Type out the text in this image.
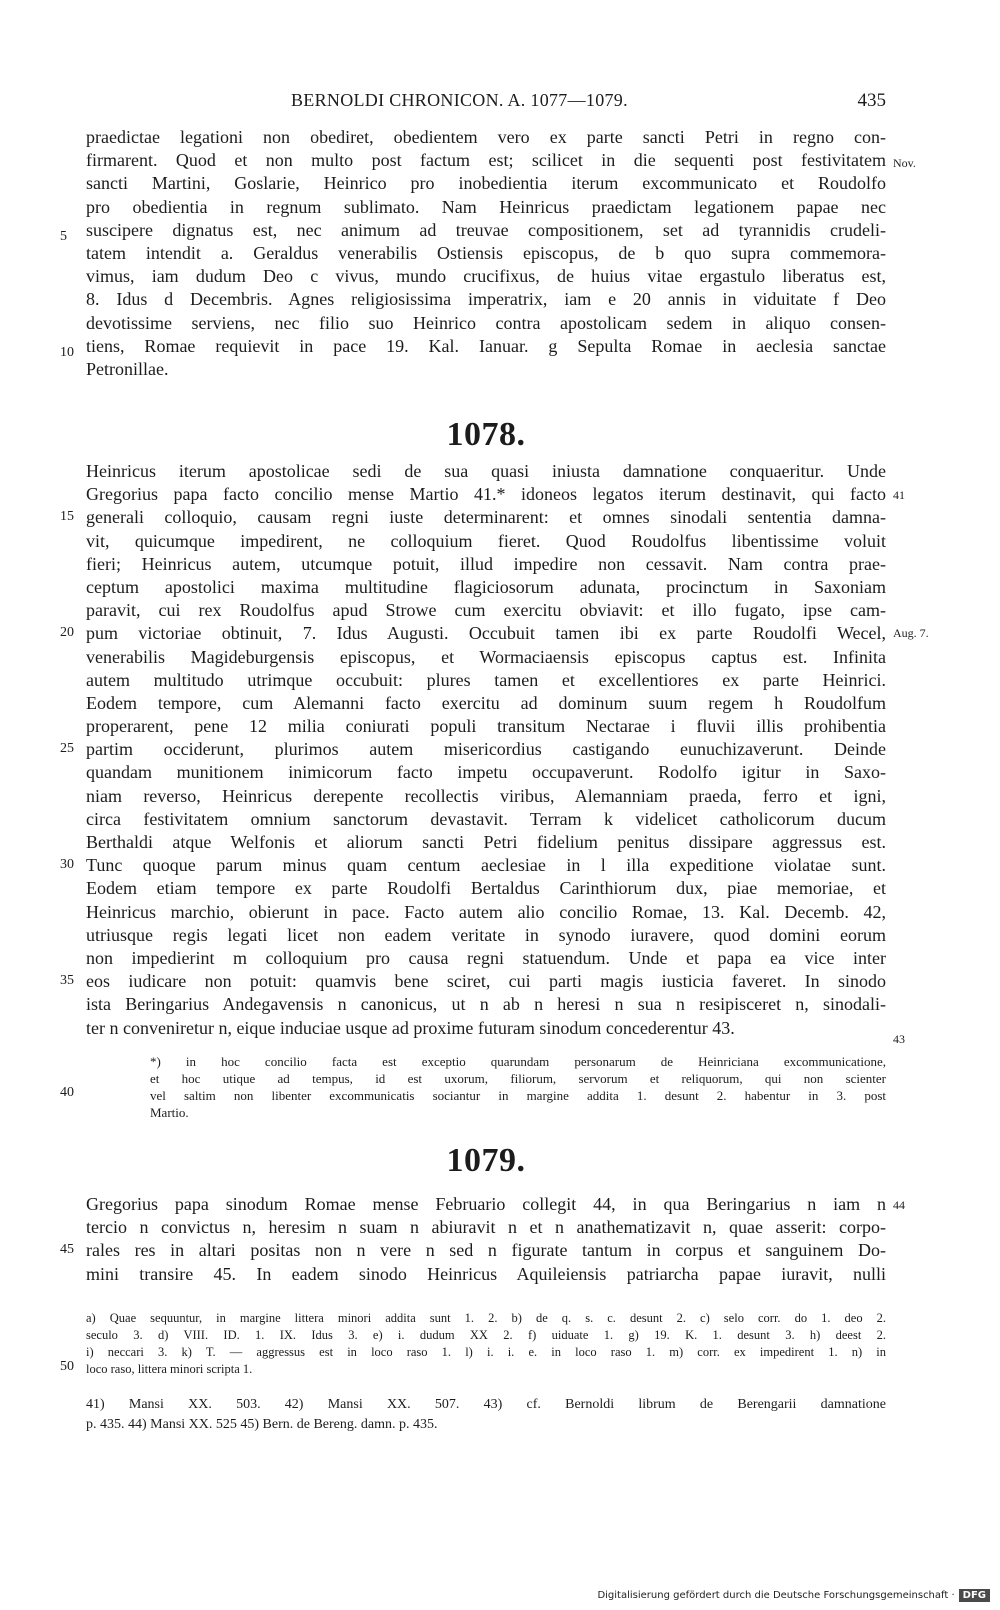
BERNOLDI CHRONICON. A. 1077—1079.	435
praedictae legationi non obediret, obedientem vero ex parte sancti Petri in regno con-
firmarent. Quod et non multo post factum est; scilicet in die sequenti post festivitatem
sancti Martini, Goslarie, Heinrico pro inobedientia iterum excommunicato et Roudolfo
pro obedientia in regnum sublimato. Nam Heinricus praedictam legationem papae nec
suscipere dignatus est, nec animum ad treuvae compositionem, set ad tyrannidis crudeli-
tatem intendit a. Geraldus venerabilis Ostiensis episcopus, de b quo supra commemora-
vimus, iam dudum Deo c vivus, mundo crucifixus, de huius vitae ergastulo liberatus est,
8. Idus d Decembris. Agnes religiosissima imperatrix, iam e 20 annis in viduitate f Deo
devotissime serviens, nec filio suo Heinrico contra apostolicam sedem in aliquo consen-
tiens, Romae requievit in pace 19. Kal. Ianuar. g Sepulta Romae in aeclesia sanctae
Petronillae.
1078.
Heinricus iterum apostolicae sedi de sua quasi iniusta damnatione conquaeritur. Unde
Gregorius papa facto concilio mense Martio 41.* idoneos legatos iterum destinavit, qui facto
generali colloquio, causam regni iuste determinarent: et omnes sinodali sententia damna-
vit, quicumque impedirent, ne colloquium fieret. Quod Roudolfus libentissime voluit
fieri; Heinricus autem, utcumque potuit, illud impedire non cessavit. Nam contra prae-
ceptum apostolici maxima multitudine flagiciosorum adunata, procinctum in Saxoniam
paravit, cui rex Roudolfus apud Strowe cum exercitu obviavit: et illo fugato, ipse cam-
pum victoriae obtinuit, 7. Idus Augusti. Occubuit tamen ibi ex parte Roudolfi Wecel,
venerabilis Magideburgensis episcopus, et Wormaciaensis episcopus captus est. Infinita
autem multitudo utrimque occubuit: plures tamen et excellentiores ex parte Heinrici.
Eodem tempore, cum Alemanni facto exercitu ad dominum suum regem h Roudolfum
properarent, pene 12 milia coniurati populi transitum Nectarae i fluvii illis prohibentia
partim occiderunt, plurimos autem misericordius castigando eunuchizaverunt. Deinde
quandam munitionem inimicorum facto impetu occupaverunt. Rodolfo igitur in Saxo-
niam reverso, Heinricus derepente recollectis viribus, Alemanniam praeda, ferro et igni,
circa festivitatem omnium sanctorum devastavit. Terram k videlicet catholicorum ducum
Berthaldi atque Welfonis et aliorum sancti Petri fidelium penitus dissipare aggressus est.
Tunc quoque parum minus quam centum aeclesiae in l illa expeditione violatae sunt.
Eodem etiam tempore ex parte Roudolfi Bertaldus Carinthiorum dux, piae memoriae, et
Heinricus marchio, obierunt in pace. Facto autem alio concilio Romae, 13. Kal. Decemb. 42,
utriusque regis legati licet non eadem veritate in synodo iuravere, quod domini eorum
non impedierint m colloquium pro causa regni statuendum. Unde et papa ea vice inter
eos iudicare non potuit: quamvis bene sciret, cui parti magis iusticia faveret. In sinodo
ista Beringarius Andegavensis n canonicus, ut n ab n heresi n sua n resipisceret n, sinodali-
ter n conveniretur n, eique induciae usque ad proxime futuram sinodum concederentur 43.
*) in hoc concilio facta est exceptio quarundam personarum de Heinriciana excommunicatione,
et hoc utique ad tempus, id est uxorum, filiorum, servorum et reliquorum, qui non scienter
vel saltim non libenter excommunicatis sociantur in margine addita 1. desunt 2. habentur in 3. post
Martio.
1079.
Gregorius papa sinodum Romae mense Februario collegit 44, in qua Beringarius n iam n
tercio n convictus n, heresim n suam n abiuravit n et n anathematizavit n, quae asserit: corpo-
rales res in altari positas non n vere n sed n figurate tantum in corpus et sanguinem Do-
mini transire 45. In eadem sinodo Heinricus Aquileiensis patriarcha papae iuravit, nulli
a) Quae sequuntur, in margine littera minori addita sunt 1. 2. b) de q. s. c. desunt 2. c) selo corr. do 1. deo 2.
seculo 3. d) VIII. ID. 1. IX. Idus 3. e) i. dudum XX 2. f) uiduate 1. g) 19. K. 1. desunt 3. h) deest 2.
i) neccari 3. k) T. — aggressus est in loco raso 1. l) i. i. e. in loco raso 1. m) corr. ex impedirent 1. n) in
loco raso, littera minori scripta 1.
41) Mansi XX. 503. 42) Mansi XX. 507. 43) cf. Bernoldi librum de Berengarii damnatione
p. 435. 44) Mansi XX. 525 45) Bern. de Bereng. damn. p. 435.
5
10
15
20
25
30
35
40
45
50
Nov.
41
Aug. 7.
43
44
Digitalisierung gefördert durch die Deutsche Forschungsgemeinschaft · DFG
